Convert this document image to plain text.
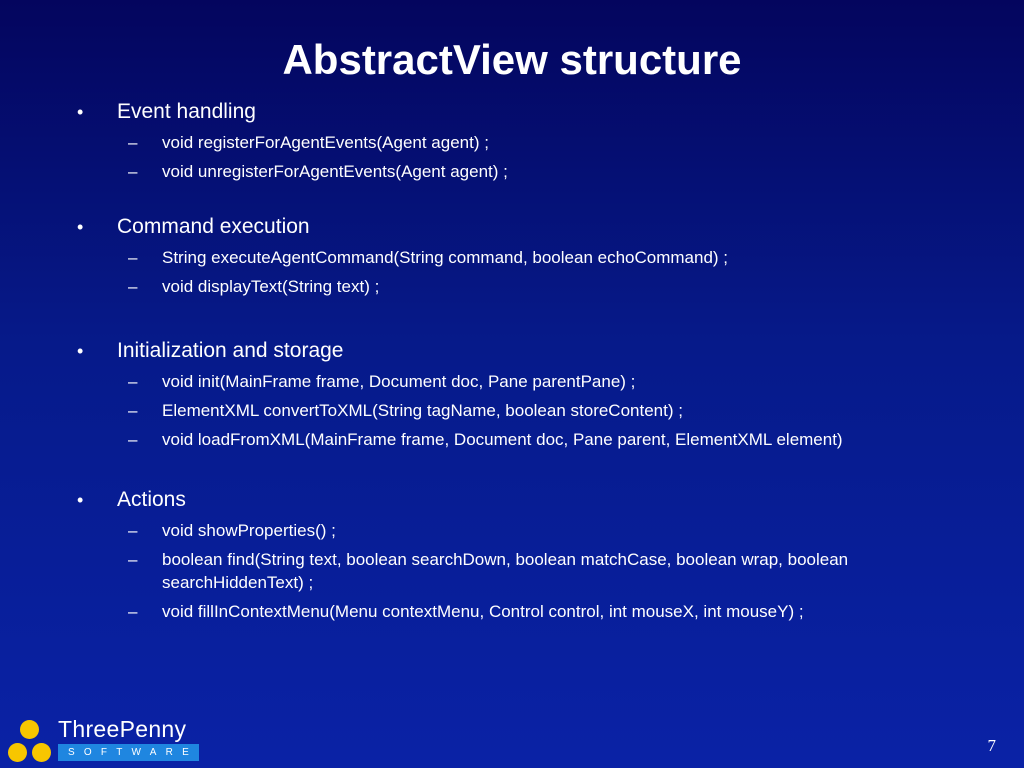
AbstractView structure
• Event handling
– void registerForAgentEvents(Agent agent) ;
– void unregisterForAgentEvents(Agent agent) ;
• Command execution
– String executeAgentCommand(String command, boolean echoCommand) ;
– void displayText(String text) ;
• Initialization and storage
– void init(MainFrame frame, Document doc, Pane parentPane) ;
– ElementXML convertToXML(String tagName, boolean storeContent) ;
– void loadFromXML(MainFrame frame, Document doc, Pane parent, ElementXML element)
• Actions
– void showProperties() ;
– boolean find(String text, boolean searchDown, boolean matchCase, boolean wrap, boolean searchHiddenText) ;
– void fillInContextMenu(Menu contextMenu, Control control, int mouseX, int mouseY) ;
ThreePenny
SOFTWARE	7
